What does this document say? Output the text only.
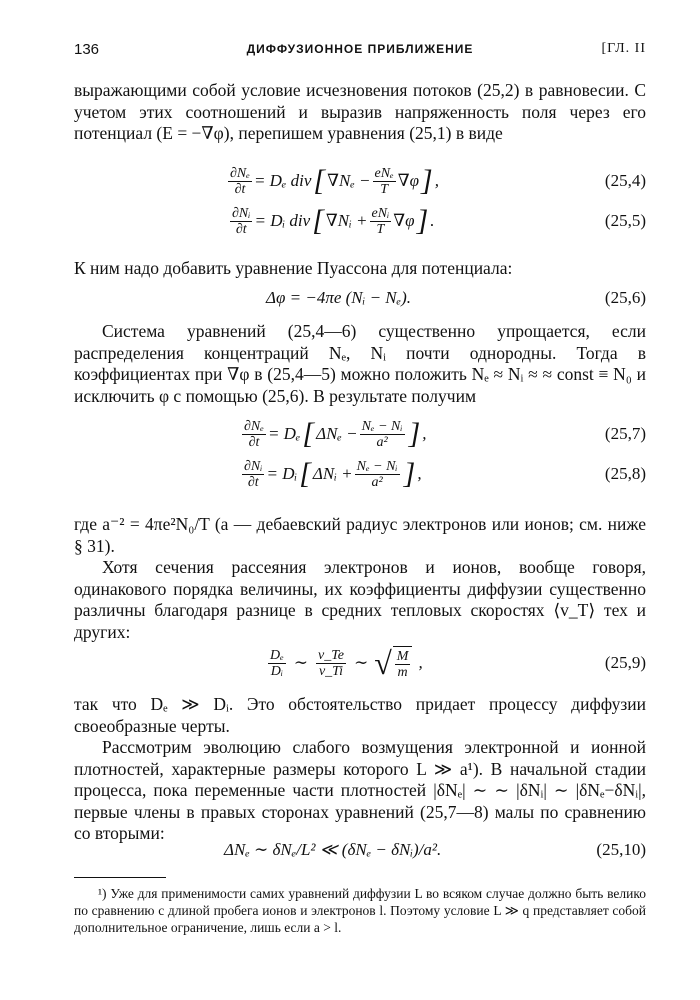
136	ДИФФУЗИОННОЕ ПРИБЛИЖЕНИЕ	[ГЛ. II
выражающими собой условие исчезновения потоков (25,2) в равновесии. С учетом этих соотношений и выразив напряженность поля через его потенциал (E = −∇φ), перепишем уравнения (25,1) в виде
$\frac{\text{∂Nₑ}}{\partial t} = D_e$ div [ $\nabla N_e - \frac{\text{eNₑ}}{T} \nabla\varphi$ ] ,	(25,4)
$\frac{\text{∂Nᵢ}}{\partial t}$ = Dᵢ div [ ∇Nᵢ + $\frac{\text{eNᵢ}}{T} \nabla\varphi$ ] .	(25,5)
К ним надо добавить уравнение Пуассона для потенциала:
Δφ = −4πe (Nᵢ − Nₑ).	(25,6)
Система уравнений (25,4—6) существенно упрощается, если распределения концентраций Nₑ, Nᵢ почти однородны. Тогда в коэффициентах при ∇φ в (25,4—5) можно положить Nₑ ≈ Nᵢ ≈ ≈ const ≡ N₀ и исключить φ с помощью (25,6). В результате получим
$\frac{\text{∂Nₑ}}{\partial t} = D_e$ [ $\Delta N_e - \frac{\text{Nₑ − Nᵢ}}{\text{a²}}$ ] ,	(25,7)
$\frac{\text{∂Nᵢ}}{\partial t}$ = Dᵢ [ ΔNᵢ + $\frac{\text{Nₑ − Nᵢ}}{\text{a²}}$ ] ,	(25,8)
где a⁻² = 4πe²N₀/T (a — дебаевский радиус электронов или ионов; см. ниже § 31).
Хотя сечения рассеяния электронов и ионов, вообще говоря, одинакового порядка величины, их коэффициенты диффузии существенно различны благодаря разнице в средних тепловых скоростях ⟨v_T⟩ тех и других:
$\frac{\text{Dₑ}}{\text{Dᵢ}}$ ∼ $\frac{v\_Te}{v\_Ti}$ ∼ √ $\frac{M}{m}$ ,	(25,9)
так что Dₑ ≫ Dᵢ. Это обстоятельство придает процессу диффузии своеобразные черты.
Рассмотрим эволюцию слабого возмущения электронной и ионной плотностей, характерные размеры которого L ≫ a¹). В начальной стадии процесса, пока переменные части плотностей |δNₑ| ∼ ∼ |δNᵢ| ∼ |δNₑ−δNᵢ|, первые члены в правых сторонах уравнений (25,7—8) малы по сравнению со вторыми:
ΔNₑ ∼ δNₑ/L² ≪ (δNₑ − δNᵢ)/a².	(25,10)
¹) Уже для применимости самих уравнений диффузии L во всяком случае должно быть велико по сравнению с длиной пробега ионов и электронов l. Поэтому условие L ≫ q представляет собой дополнительное ограничение, лишь если a > l.
